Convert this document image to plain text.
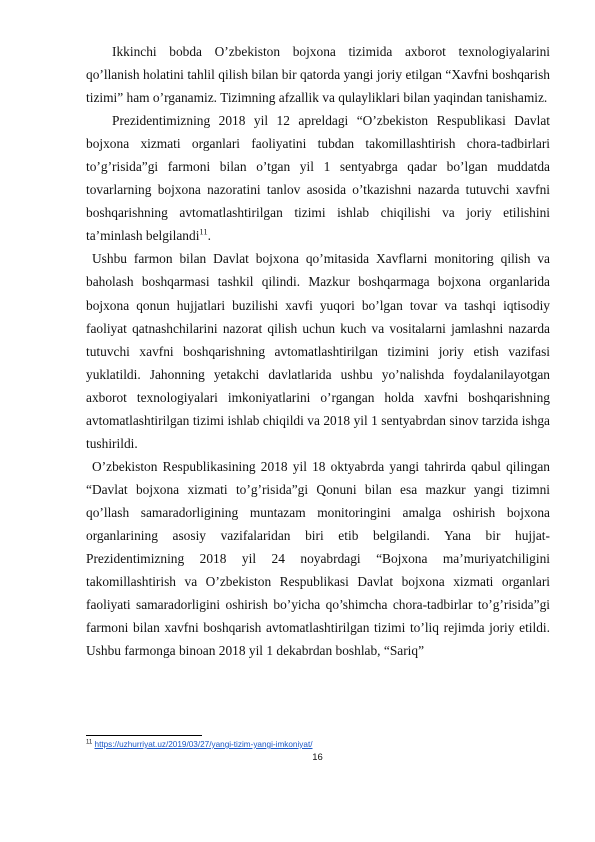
Ikkinchi bobda O’zbekiston bojxona tizimida axborot texnologiyalarini qo’llanish holatini tahlil qilish bilan bir qatorda yangi joriy etilgan “Xavfni boshqarish tizimi” ham o’rganamiz. Tizimning afzallik va qulayliklari bilan yaqindan tanishamiz.

Prezidentimizning 2018 yil 12 apreldagi “O’zbekiston Respublikasi Davlat bojxona xizmati organlari faoliyatini tubdan takomillashtirish chora-tadbirlari to’g’risida”gi farmoni bilan o’tgan yil 1 sentyabrga qadar bo’lgan muddatda tovarlarning bojxona nazoratini tanlov asosida o’tkazishni nazarda tutuvchi xavfni boshqarishning avtomatlashtirilgan tizimi ishlab chiqilishi va joriy etilishini ta’minlash belgilandi$^{11}$.

Ushbu farmon bilan Davlat bojxona qo’mitasida Xavflarni monitoring qilish va baholash boshqarmasi tashkil qilindi. Mazkur boshqarmaga bojxona organlarida bojxona qonun hujjatlari buzilishi xavfi yuqori bo’lgan tovar va tashqi iqtisodiy faoliyat qatnashchilarini nazorat qilish uchun kuch va vositalarni jamlashni nazarda tutuvchi xavfni boshqarishning avtomatlashtirilgan tizimini joriy etish vazifasi yuklatildi. Jahonning yetakchi davlatlarida ushbu yo’nalishda foydalanilayotgan axborot texnologiyalari imkoniyatlarini o’rgangan holda xavfni boshqarishning avtomatlashtirilgan tizimi ishlab chiqildi va 2018 yil 1 sentyabrdan sinov tarzida ishga tushirildi.

O’zbekiston Respublikasining 2018 yil 18 oktyabrda yangi tahrirda qabul qilingan “Davlat bojxona xizmati to’g’risida”gi Qonuni bilan esa mazkur yangi tizimni qo’llash samaradorligining muntazam monitoringini amalga oshirish bojxona organlarining asosiy vazifalaridan biri etib belgilandi. Yana bir hujjat- Prezidentimizning 2018 yil 24 noyabrdagi “Bojxona ma’muriyatchiligini takomillashtirish va O’zbekiston Respublikasi Davlat bojxona xizmati organlari faoliyati samaradorligini oshirish bo’yicha qo’shimcha chora-tadbirlar to’g’risida”gi farmoni bilan xavfni boshqarish avtomatlashtirilgan tizimi to’liq rejimda joriy etildi. Ushbu farmonga binoan 2018 yil 1 dekabrdan boshlab, “Sariq”

$^{11}$ https://uzhurriyat.uz/2019/03/27/yangi-tizim-yangi-imkoniyat/
16
